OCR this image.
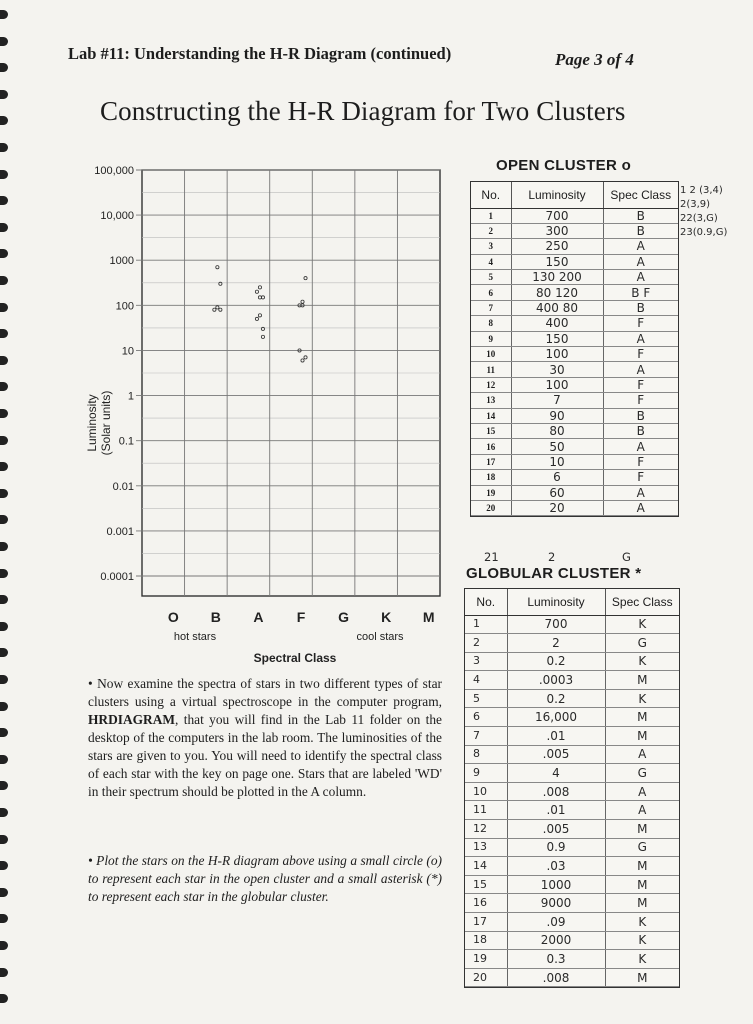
Lab #11: Understanding the H-R Diagram (continued)	Page 3 of 4
Constructing the H-R Diagram for Two Clusters
100,000
10,000
1000
100
10
1
0.1
0.01
0.001
0.0001
O B A F G K M
Luminosity (Solar units)
Spectral Class
hot stars	cool stars
• Now examine the spectra of stars in two different types of star clusters using a virtual spectroscope in the computer program, HRDIAGRAM, that you will find in the Lab 11 folder on the desktop of the computers in the lab room. The luminosities of the stars are given to you. You will need to identify the spectral class of each star with the key on page one. Stars that are labeled 'WD' in their spectrum should be plotted in the A column.
• Plot the stars on the H-R diagram above using a small circle (o) to represent each star in the open cluster and a small asterisk (*) to represent each star in the globular cluster.
OPEN CLUSTER o
No.	Luminosity	Spec Class
1	700	B
2	300	B
3	250	A
4	150	A
5	130 200	A
6	80 120	B F
7	400 80	B
8	400	F
9	150	A
10	100	F
11	30	A
12	100	F
13	7	F
14	90	B
15	80	B
16	50	A
17	10	F
18	6	F
19	60	A
20	20	A
21	2	G
1 2 (3,4)
2(3,9)
22(3,G)
23(0.9,G)
GLOBULAR CLUSTER *
No.	Luminosity	Spec Class
1	700	K
2	2	G
3	0.2	K
4	.0003	M
5	0.2	K
6	16,000	M
7	.01	M
8	.005	A
9	4	G
10	.008	A
11	.01	A
12	.005	M
13	0.9	G
14	.03	M
15	1000	M
16	9000	M
17	.09	K
18	2000	K
19	0.3	K
20	.008	M
